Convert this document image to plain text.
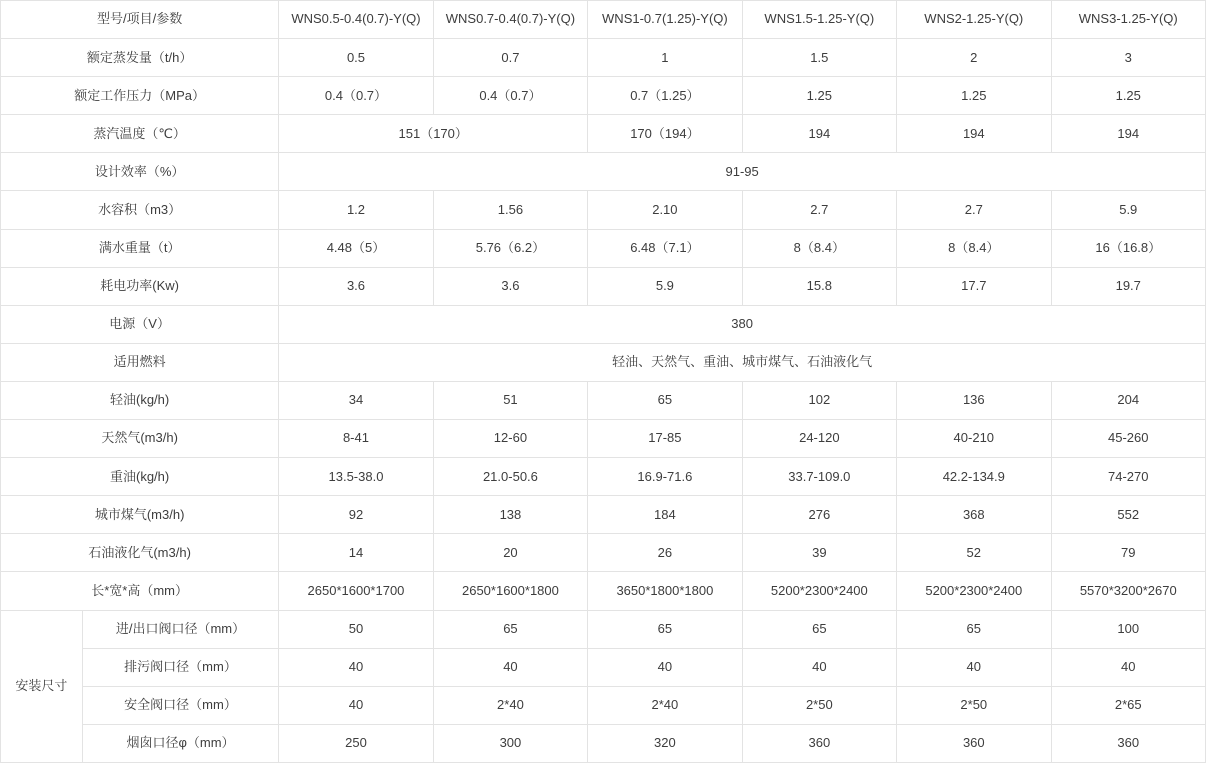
型号/项目/参数		WNS0.5-0.4(0.7)-Y(Q)	WNS0.7-0.4(0.7)-Y(Q)	WNS1-0.7(1.25)-Y(Q)	WNS1.5-1.25-Y(Q)	WNS2-1.25-Y(Q)	WNS3-1.25-Y(Q)
额定蒸发量（t/h）		0.5	0.7	1	1.5	2	3
额定工作压力（MPa）		0.4（0.7）	0.4（0.7）	0.7（1.25）	1.25	1.25	1.25
蒸汽温度（℃）		151（170）		170（194）	194	194	194
设计效率（%）		91-95					
水容积（m3）		1.2	1.56	2.10	2.7	2.7	5.9
满水重量（t）		4.48（5）	5.76（6.2）	6.48（7.1）	8（8.4）	8（8.4）	16（16.8）
耗电功率(Kw)		3.6	3.6	5.9	15.8	17.7	19.7
电源（V）		380					
适用燃料		轻油、天然气、重油、城市煤气、石油液化气					
轻油(kg/h)		34	51	65	102	136	204
天然气(m3/h)		8-41	12-60	17-85	24-120	40-210	45-260
重油(kg/h)		13.5-38.0	21.0-50.6	16.9-71.6	33.7-109.0	42.2-134.9	74-270
城市煤气(m3/h)		92	138	184	276	368	552
石油液化气(m3/h)		14	20	26	39	52	79
长*宽*高（mm）		2650*1600*1700	2650*1600*1800	3650*1800*1800	5200*2300*2400	5200*2300*2400	5570*3200*2670
安装尺寸	进/出口阀口径（mm）	50	65	65	65	65	100
	排污阀口径（mm）	40	40	40	40	40	40
	安全阀口径（mm）	40	2*40	2*40	2*50	2*50	2*65
	烟囱口径φ（mm）	250	300	320	360	360	360
